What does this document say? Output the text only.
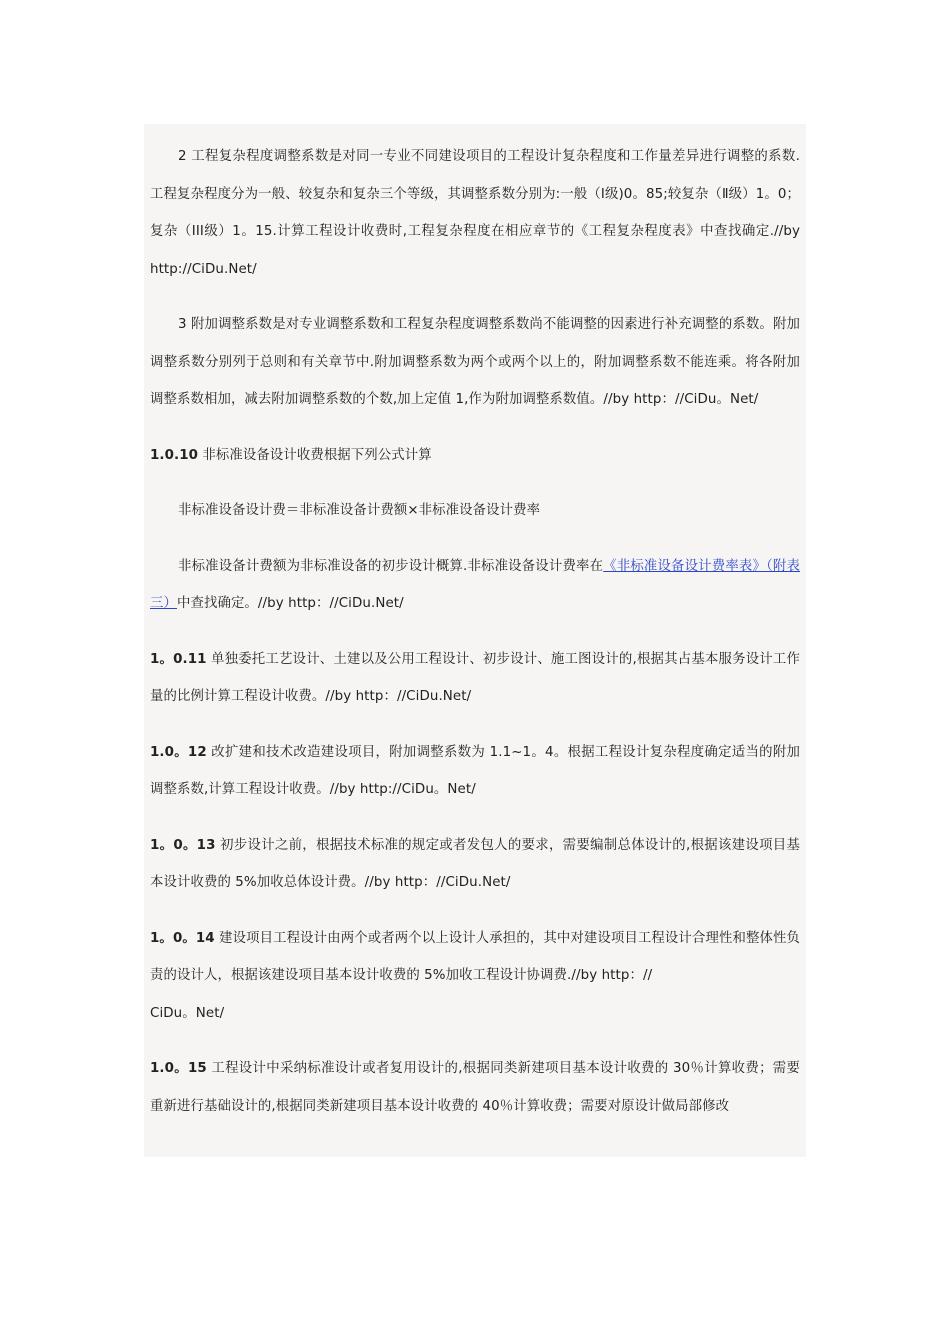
2 工程复杂程度调整系数是对同一专业不同建设项目的工程设计复杂程度和工作量差异进行调整的系数.工程复杂程度分为一般、较复杂和复杂三个等级，其调整系数分别为:一般（Ⅰ级)0。85;较复杂（Ⅱ级）1。0；复杂（III级）1。15.计算工程设计收费时,工程复杂程度在相应章节的《工程复杂程度表》中查找确定.//by http://CiDu.Net/

3 附加调整系数是对专业调整系数和工程复杂程度调整系数尚不能调整的因素进行补充调整的系数。附加调整系数分别列于总则和有关章节中.附加调整系数为两个或两个以上的，附加调整系数不能连乘。将各附加调整系数相加，减去附加调整系数的个数,加上定值 1,作为附加调整系数值。//by http：//CiDu。Net/

1.0.10 非标准设备设计收费根据下列公式计算

非标准设备设计费＝非标准设备计费额×非标准设备设计费率

非标准设备计费额为非标准设备的初步设计概算.非标准设备设计费率在《非标准设备设计费率表》（附表三）中查找确定。//by http：//CiDu.Net/

1。0.11 单独委托工艺设计、土建以及公用工程设计、初步设计、施工图设计的,根据其占基本服务设计工作量的比例计算工程设计收费。//by http：//CiDu.Net/

1.0。12 改扩建和技术改造建设项目，附加调整系数为 1.1~1。4。根据工程设计复杂程度确定适当的附加调整系数,计算工程设计收费。//by http://CiDu。Net/

1。0。13 初步设计之前，根据技术标准的规定或者发包人的要求，需要编制总体设计的,根据该建设项目基本设计收费的 5%加收总体设计费。//by http：//CiDu.Net/

1。0。14 建设项目工程设计由两个或者两个以上设计人承担的，其中对建设项目工程设计合理性和整体性负责的设计人，根据该建设项目基本设计收费的 5%加收工程设计协调费.//by http：//
CiDu。Net/

1.0。15 工程设计中采纳标准设计或者复用设计的,根据同类新建项目基本设计收费的 30％计算收费；需要重新进行基础设计的,根据同类新建项目基本设计收费的 40％计算收费；需要对原设计做局部修改
